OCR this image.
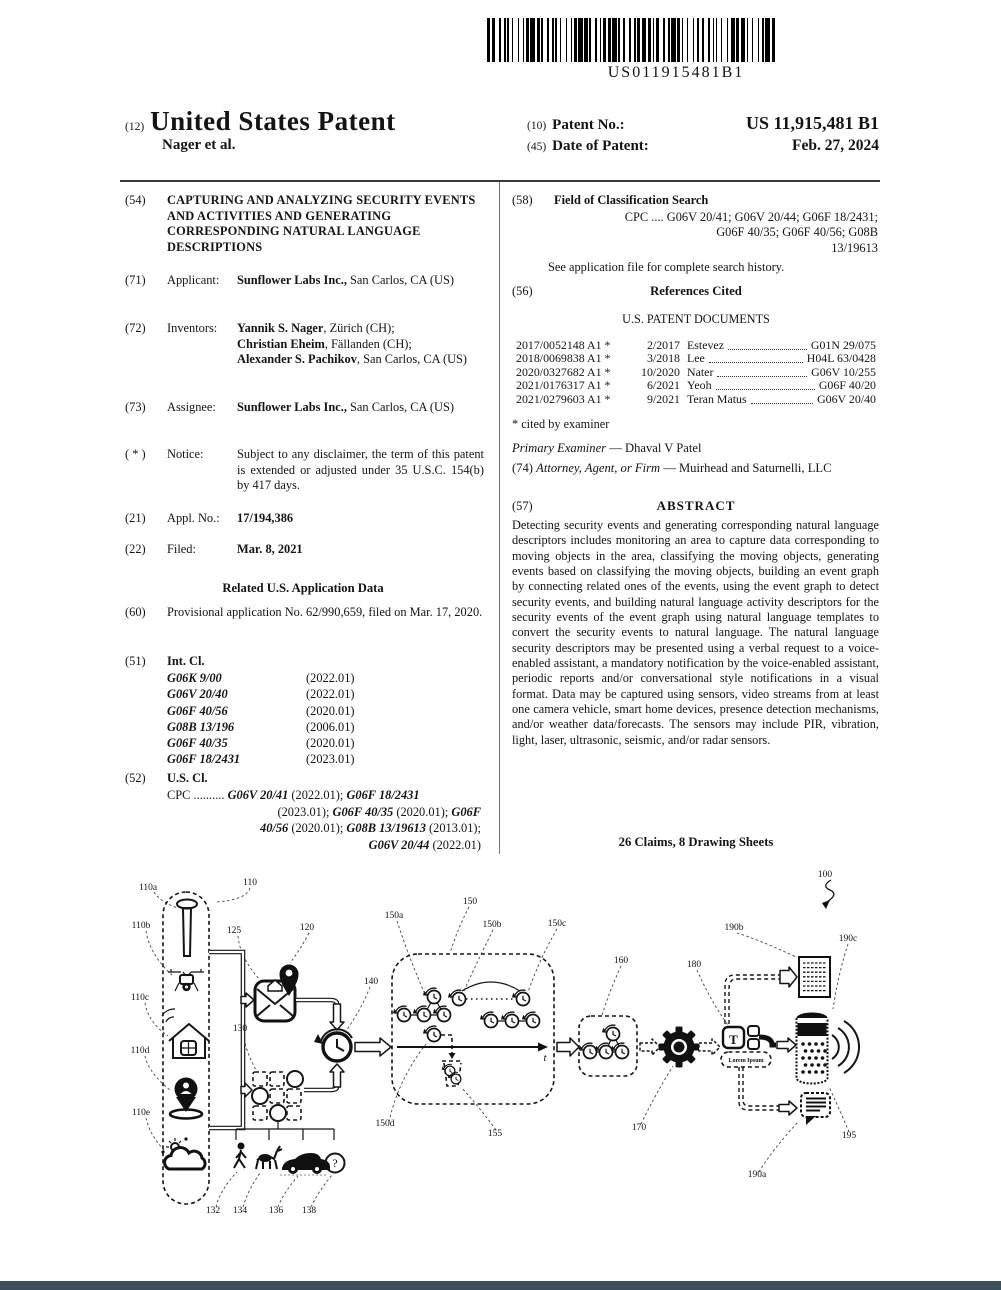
US011915481B1
(12) United States Patent
Nager et al.
(10) Patent No.:	US 11,915,481 B1
(45) Date of Patent:	Feb. 27, 2024
(54)	CAPTURING AND ANALYZING SECURITY EVENTS AND ACTIVITIES AND GENERATING CORRESPONDING NATURAL LANGUAGE DESCRIPTIONS
(71)	Applicant:	Sunflower Labs Inc., San Carlos, CA (US)
(72)	Inventors:	Yannik S. Nager, Zürich (CH);
Christian Eheim, Fällanden (CH);
Alexander S. Pachikov, San Carlos, CA (US)
(73)	Assignee:	Sunflower Labs Inc., San Carlos, CA (US)
( * )	Notice:	Subject to any disclaimer, the term of this patent is extended or adjusted under 35 U.S.C. 154(b) by 417 days.
(21)	Appl. No.:	17/194,386
(22)	Filed:	Mar. 8, 2021
Related U.S. Application Data
(60)	Provisional application No. 62/990,659, filed on Mar. 17, 2020.
(51)	Int. Cl.
G06K 9/00	(2022.01)
G06V 20/40	(2022.01)
G06F 40/56	(2020.01)
G08B 13/196	(2006.01)
G06F 40/35	(2020.01)
G06F 18/2431	(2023.01)
(52)	U.S. Cl.
CPC .......... G06V 20/41 (2022.01); G06F 18/2431
(2023.01); G06F 40/35 (2020.01); G06F
40/56 (2020.01); G08B 13/19613 (2013.01);
G06V 20/44 (2022.01)
(58)	Field of Classification Search
CPC .... G06V 20/41; G06V 20/44; G06F 18/2431;
G06F 40/35; G06F 40/56; G08B
13/19613
See application file for complete search history.
(56)	References Cited
U.S. PATENT DOCUMENTS
2017/0052148 A1 *	2/2017 Estevez	G01N 29/075
2018/0069838 A1 *	3/2018 Lee	H04L 63/0428
2020/0327682 A1 *	10/2020 Nater	G06V 10/255
2021/0176317 A1 *	6/2021 Yeoh	G06F 40/20
2021/0279603 A1 *	9/2021 Teran Matus	G06V 20/40
* cited by examiner
Primary Examiner — Dhaval V Patel
(74) Attorney, Agent, or Firm — Muirhead and Saturnelli, LLC
(57)	ABSTRACT
Detecting security events and generating corresponding natural language descriptors includes monitoring an area to capture data corresponding to moving objects in the area, classifying the moving objects, generating events based on classifying the moving objects, building an event graph by connecting related ones of the events, using the event graph to detect security events, and building natural language activity descriptors for the security events of the event graph using natural language templates to convert the security events to natural language. The natural language security descriptors may be presented using a verbal request to a voice-enabled assistant, a mandatory notification by the voice-enabled assistant, periodic reports and/or conversational style notifications in a visual format. Data may be captured using sensors, video streams from at least one camera vehicle, smart home devices, presence detection mechanisms, and/or weather data/forecasts. The sensors may include PIR, vibration, light, laser, ultrasonic, seismic, and/or radar sensors.
26 Claims, 8 Drawing Sheets
100
110
110a
110b
110c
110d
110e
125	120
130
140
150
150a
150b	150c
150d
155
160
170
180
190b
190c
195
190a
132 134 136 138
t
?
T
Lorem Ipsum
